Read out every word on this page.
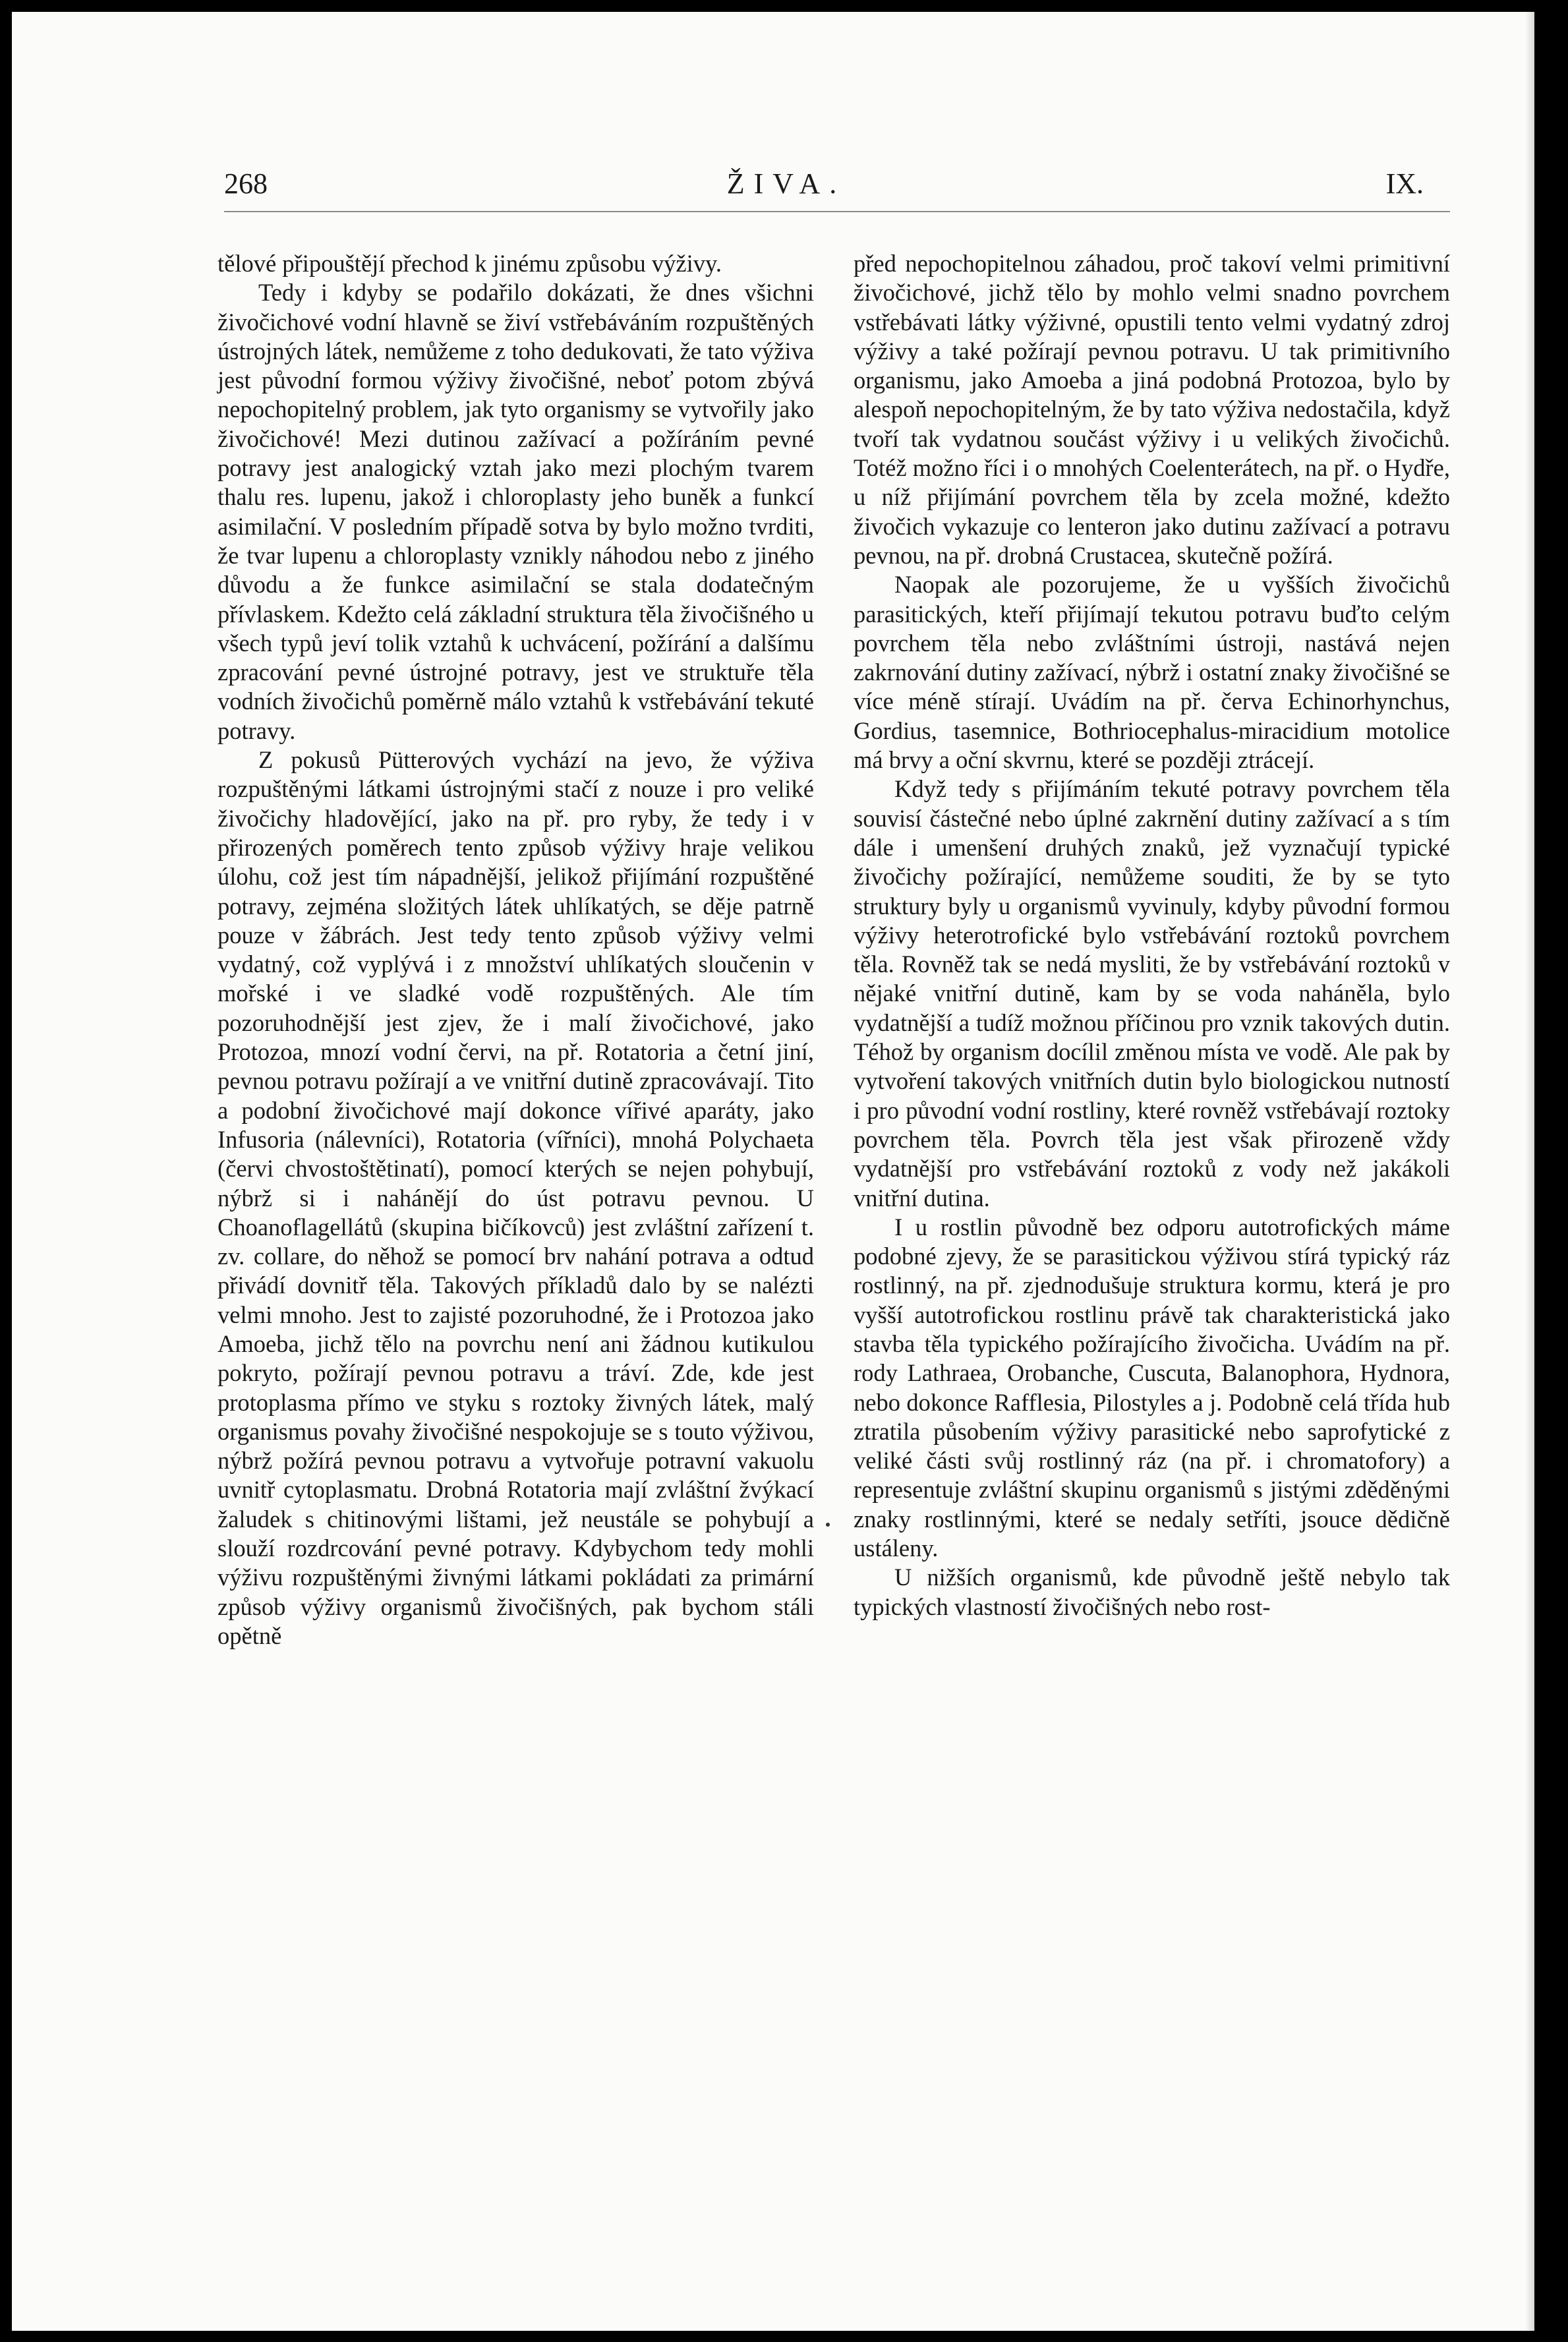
268	ŽIVA.	IX.

tělové připouštějí přechod k jinému způsobu výživy.

Tedy i kdyby se podařilo dokázati, že dnes všichni živočichové vodní hlavně se živí vstřebáváním rozpuštěných ústrojných látek, nemůžeme z toho dedukovati, že tato výživa jest původní formou výživy živočišné, neboť potom zbývá nepochopitelný problem, jak tyto organismy se vytvořily jako živočichové! Mezi dutinou zažívací a požíráním pevné potravy jest analogický vztah jako mezi plochým tvarem thalu res. lupenu, jakož i chloroplasty jeho buněk a funkcí asimilační. V posledním případě sotva by bylo možno tvrditi, že tvar lupenu a chloroplasty vznikly náhodou nebo z jiného důvodu a že funkce asimilační se stala dodatečným přívlaskem. Kdežto celá základní struktura těla živočišného u všech typů jeví tolik vztahů k uchvácení, požírání a dalšímu zpracování pevné ústrojné potravy, jest ve struktuře těla vodních živočichů poměrně málo vztahů k vstřebávání tekuté potravy.

Z pokusů Pütterových vychází na jevo, že výživa rozpuštěnými látkami ústrojnými stačí z nouze i pro veliké živočichy hladovějící, jako na př. pro ryby, že tedy i v přirozených poměrech tento způsob výživy hraje velikou úlohu, což jest tím nápadnější, jelikož přijímání rozpuštěné potravy, zejména složitých látek uhlíkatých, se děje patrně pouze v žábrách. Jest tedy tento způsob výživy velmi vydatný, což vyplývá i z množství uhlíkatých sloučenin v mořské i ve sladké vodě rozpuštěných. Ale tím pozoruhodnější jest zjev, že i malí živočichové, jako Protozoa, mnozí vodní červi, na př. Rotatoria a četní jiní, pevnou potravu požírají a ve vnitřní dutině zpracovávají. Tito a podobní živočichové mají dokonce vířivé aparáty, jako Infusoria (nálevníci), Rotatoria (vířníci), mnohá Polychaeta (červi chvostoštětinatí), pomocí kterých se nejen pohybují, nýbrž si i nahánějí do úst potravu pevnou. U Choanoflagellátů (skupina bičíkovců) jest zvláštní zařízení t. zv. collare, do něhož se pomocí brv nahání potrava a odtud přivádí dovnitř těla. Takových příkladů dalo by se nalézti velmi mnoho. Jest to zajisté pozoruhodné, že i Protozoa jako Amoeba, jichž tělo na povrchu není ani žádnou kutikulou pokryto, požírají pevnou potravu a tráví. Zde, kde jest protoplasma přímo ve styku s roztoky živných látek, malý organismus povahy živočišné nespokojuje se s touto výživou, nýbrž požírá pevnou potravu a vytvořuje potravní vakuolu uvnitř cytoplasmatu. Drobná Rotatoria mají zvláštní žvýkací žaludek s chitinovými lištami, jež neustále se pohybují a slouží rozdrcování pevné potravy. Kdybychom tedy mohli výživu rozpuštěnými živnými látkami pokládati za primární způsob výživy organismů živočišných, pak bychom stáli opětně

před nepochopitelnou záhadou, proč takoví velmi primitivní živočichové, jichž tělo by mohlo velmi snadno povrchem vstřebávati látky výživné, opustili tento velmi vydatný zdroj výživy a také požírají pevnou potravu. U tak primitivního organismu, jako Amoeba a jiná podobná Protozoa, bylo by alespoň nepochopitelným, že by tato výživa nedostačila, když tvoří tak vydatnou součást výživy i u velikých živočichů. Totéž možno říci i o mnohých Coelenterátech, na př. o Hydře, u níž přijímání povrchem těla by zcela možné, kdežto živočich vykazuje co lenteron jako dutinu zažívací a potravu pevnou, na př. drobná Crustacea, skutečně požírá.

Naopak ale pozorujeme, že u vyšších živočichů parasitických, kteří přijímají tekutou potravu buďto celým povrchem těla nebo zvláštními ústroji, nastává nejen zakrnování dutiny zažívací, nýbrž i ostatní znaky živočišné se více méně stírají. Uvádím na př. červa Echinorhynchus, Gordius, tasemnice, Bothriocephalus-miracidium motolice má brvy a oční skvrnu, které se později ztrácejí.

Když tedy s přijímáním tekuté potravy povrchem těla souvisí částečné nebo úplné zakrnění dutiny zažívací a s tím dále i umenšení druhých znaků, jež vyznačují typické živočichy požírající, nemůžeme souditi, že by se tyto struktury byly u organismů vyvinuly, kdyby původní formou výživy heterotrofické bylo vstřebávání roztoků povrchem těla. Rovněž tak se nedá mysliti, že by vstřebávání roztoků v nějaké vnitřní dutině, kam by se voda naháněla, bylo vydatnější a tudíž možnou příčinou pro vznik takových dutin. Téhož by organism docílil změnou místa ve vodě. Ale pak by vytvoření takových vnitřních dutin bylo biologickou nutností i pro původní vodní rostliny, které rovněž vstřebávají roztoky povrchem těla. Povrch těla jest však přirozeně vždy vydatnější pro vstřebávání roztoků z vody než jakákoli vnitřní dutina.

I u rostlin původně bez odporu autotrofických máme podobné zjevy, že se parasitickou výživou stírá typický ráz rostlinný, na př. zjednodušuje struktura kormu, která je pro vyšší autotrofickou rostlinu právě tak charakteristická jako stavba těla typického požírajícího živočicha. Uvádím na př. rody Lathraea, Orobanche, Cuscuta, Balanophora, Hydnora, nebo dokonce Rafflesia, Pilostyles a j. Podobně celá třída hub ztratila působením výživy parasitické nebo saprofytické z veliké části svůj rostlinný ráz (na př. i chromatofory) a representuje zvláštní skupinu organismů s jistými zděděnými znaky rostlinnými, které se nedaly setříti, jsouce dědičně ustáleny.

U nižších organismů, kde původně ještě nebylo tak typických vlastností živočišných nebo rost-
